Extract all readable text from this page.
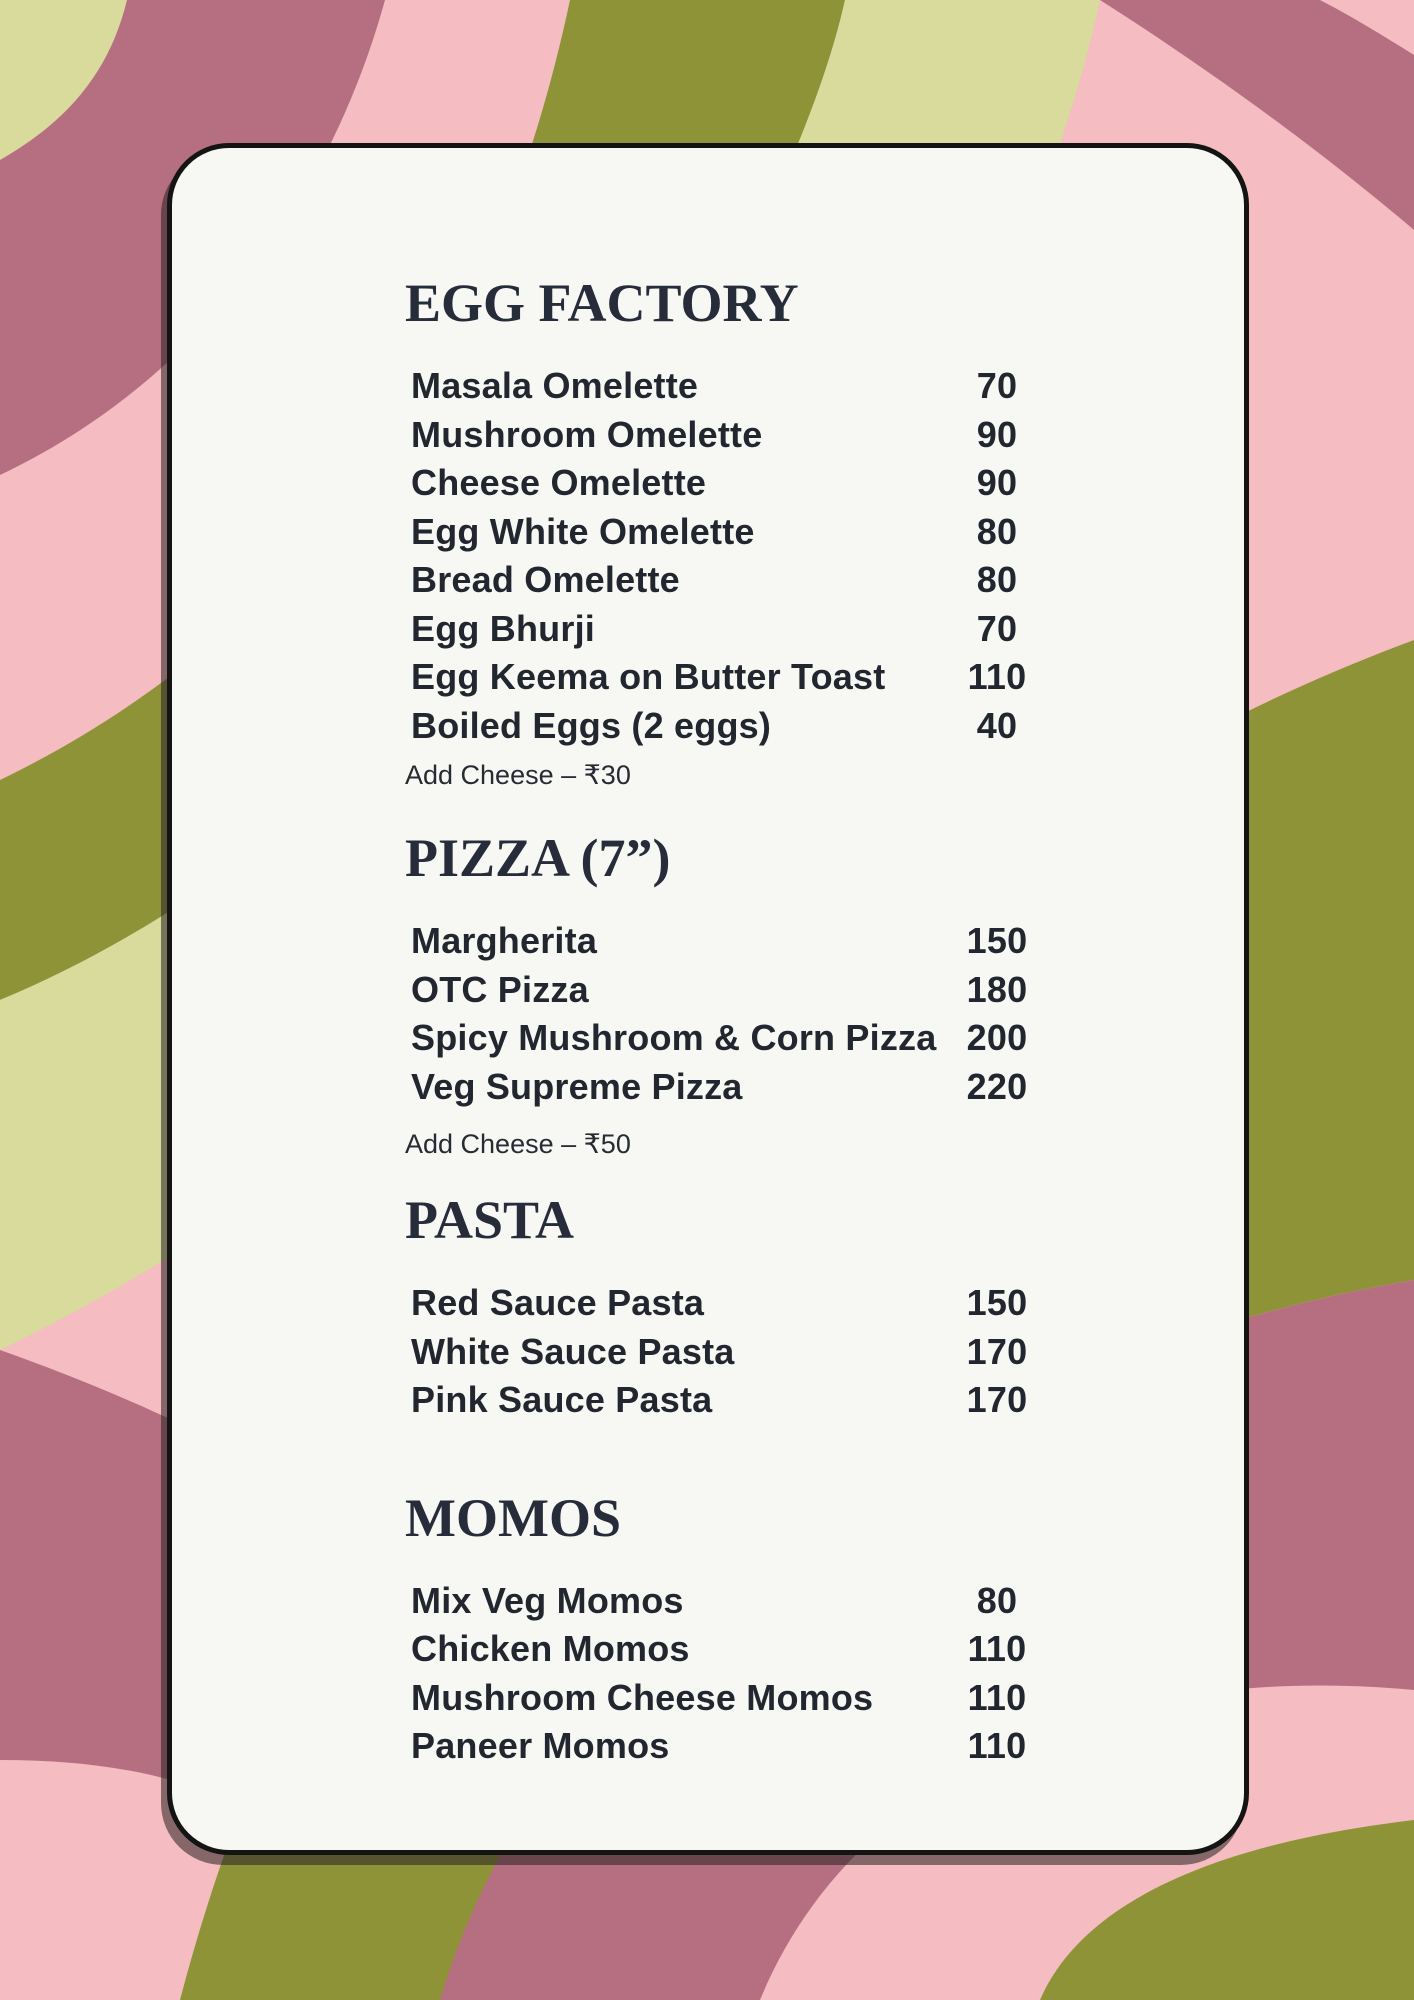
EGG FACTORY
Masala Omelette	70
Mushroom Omelette	90
Cheese Omelette	90
Egg White Omelette	80
Bread Omelette	80
Egg Bhurji	70
Egg Keema on Butter Toast	110
Boiled Eggs (2 eggs)	40

Add Cheese – ₹30

PIZZA (7”)
Margherita	150
OTC Pizza	180
Spicy Mushroom & Corn Pizza 200
Veg Supreme Pizza	220

Add Cheese – ₹50

PASTA
Red Sauce Pasta	150
White Sauce Pasta	170
Pink Sauce Pasta	170
MOMOS
Mix Veg Momos	80
Chicken Momos	110
Mushroom Cheese Momos	110
Paneer Momos	110
